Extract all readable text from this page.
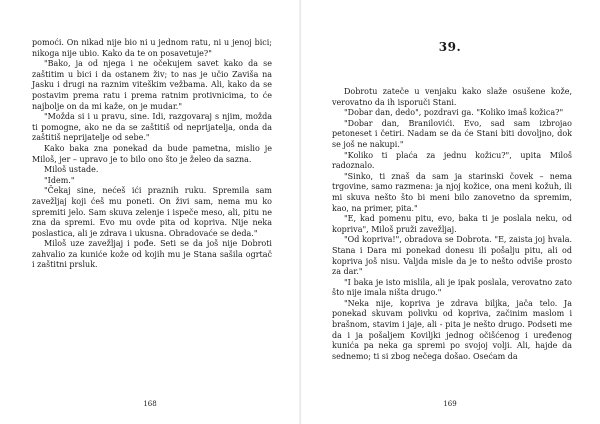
pomoći. On nikad nije bio ni u jednom ratu, ni u jenoj bici; nikoga nije ubio. Kako da te on posavetuje?"

"Bako, ja od njega i ne očekujem savet kako da se zaštitim u bici i da ostanem živ; to nas je učio Zaviša na Jasku i drugi na raznim viteškim vežbama. Ali, kako da se postavim prema ratu i prema ratnim protivnicima, to će najbolje on da mi kaže, on je mudar."

"Možda si i u pravu, sine. Idi, razgovaraj s njim, možda ti pomogne, ako ne da se zaštitiš od neprijatelja, onda da zaštitiš neprijatelje od sebe."

Kako baka zna ponekad da bude pametna, mislio je Miloš, jer – upravo je to bilo ono što je želeo da sazna.

Miloš ustade.

"Idem."

"Čekaj sine, nećeš ići praznih ruku. Spremila sam zavežljaj koji ćeš mu poneti. On živi sam, nema mu ko spremiti jelo. Sam skuva zelenje i ispeče meso, ali, pitu ne zna da spremi. Evo mu ovde pita od kopriva. Nije neka poslastica, ali je zdrava i ukusna. Obradovaće se deda."

Miloš uze zavežljaj i pođe. Seti se da još nije Dobroti zahvalio za kuniće kože od kojih mu je Stana sašila ogrtač i zaštitni prsluk.

168
39.

Dobrotu zateče u venjaku kako slaže osušene kože, verovatno da ih isporuči Stani.

"Dobar dan, dedo", pozdravi ga. "Koliko imaš kožica?"

"Dobar dan, Branilovići. Evo, sad sam izbrojao petoneset i četiri. Nadam se da će Stani biti dovoljno, dok se još ne nakupi."

"Koliko ti plaća za jednu kožicu?", upita Miloš radoznalo.

"Sinko, ti znaš da sam ja starinski čovek – nema trgovine, samo razmena: ja njoj kožice, ona meni kožuh, ili mi skuva nešto što bi meni bilo zanovetno da spremim, kao, na primer, pita."

"E, kad pomenu pitu, evo, baka ti je poslala neku, od kopriva", Miloš pruži zavežljaj.

"Od kopriva!", obradova se Dobrota. "E, zaista joj hvala. Stana i Dara mi ponekad donesu ili pošalju pitu, ali od kopriva još nisu. Valjda misle da je to nešto odviše prosto za dar."

"I baka je isto mislila, ali je ipak poslala, verovatno zato što nije imala ništa drugo."

"Neka nije, kopriva je zdrava biljka, jača telo. Ja ponekad skuvam polivku od kopriva, začinim maslom i brašnom, stavim i jaje, ali - pita je nešto drugo. Podseti me da i ja pošaljem Kovilјki jednog očišćenog i uređenog kunića pa neka ga spremi po svojoj volji. Ali, hajde da sednemo; ti si zbog nečega došao. Osećam da

169
